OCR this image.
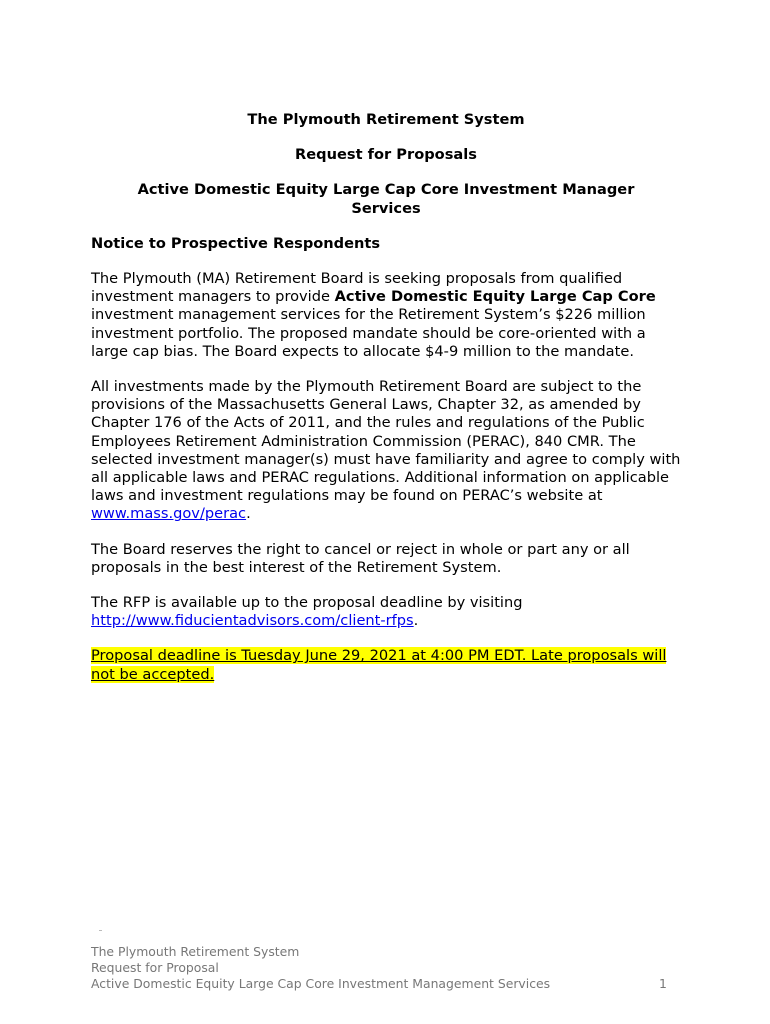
The Plymouth Retirement System
Request for Proposals
Active Domestic Equity Large Cap Core Investment Manager Services
Notice to Prospective Respondents

The Plymouth (MA) Retirement Board is seeking proposals from qualified investment managers to provide Active Domestic Equity Large Cap Core investment management services for the Retirement System’s $226 million investment portfolio. The proposed mandate should be core-oriented with a large cap bias. The Board expects to allocate $4-9 million to the mandate.

All investments made by the Plymouth Retirement Board are subject to the provisions of the Massachusetts General Laws, Chapter 32, as amended by Chapter 176 of the Acts of 2011, and the rules and regulations of the Public Employees Retirement Administration Commission (PERAC), 840 CMR. The selected investment manager(s) must have familiarity and agree to comply with all applicable laws and PERAC regulations. Additional information on applicable laws and investment regulations may be found on PERAC’s website at www.mass.gov/perac.

The Board reserves the right to cancel or reject in whole or part any or all proposals in the best interest of the Retirement System.

The RFP is available up to the proposal deadline by visiting http://www.fiducientadvisors.com/client-rfps.

Proposal deadline is Tuesday June 29, 2021 at 4:00 PM EDT. Late proposals will not be accepted.

The Plymouth Retirement System
Request for Proposal
Active Domestic Equity Large Cap Core Investment Management Services	1
